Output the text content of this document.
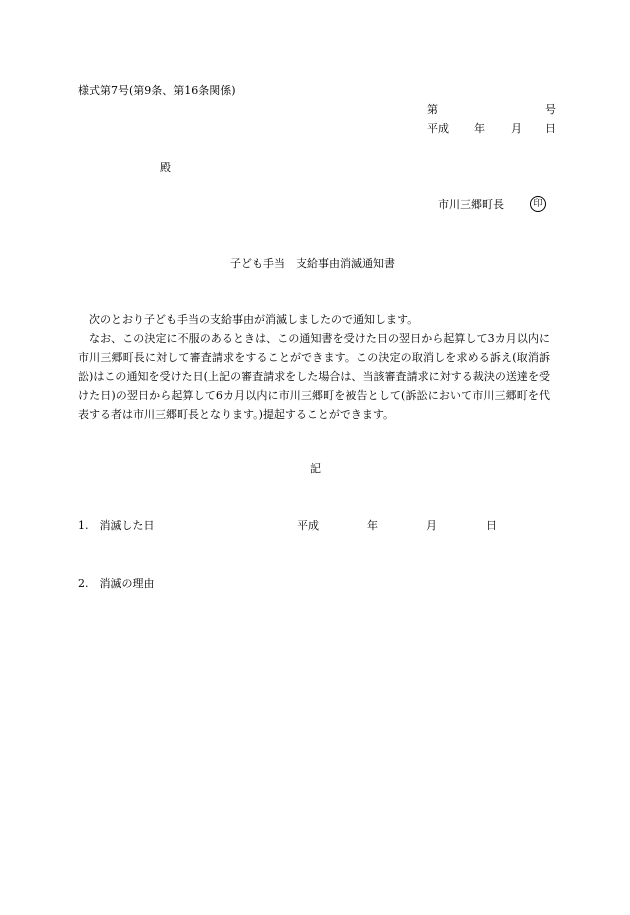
様式第7号(第9条、第16条関係)
第	号
平成 年 月 日
殿
市川三郷町長	印
子ども手当　支給事由消滅通知書

次のとおり子ども手当の支給事由が消滅しましたので通知します。

なお、この決定に不服のあるときは、この通知書を受けた日の翌日から起算して3カ月以内に市川三郷町長に対して審査請求をすることができます。この決定の取消しを求める訴え(取消訴訟)はこの通知を受けた日(上記の審査請求をした場合は、当該審査請求に対する裁決の送達を受けた日)の翌日から起算して6カ月以内に市川三郷町を被告として(訴訟において市川三郷町を代表する者は市川三郷町長となります。)提起することができます。

記
1.　消滅した日	平成	年	月	日
2.　消滅の理由
